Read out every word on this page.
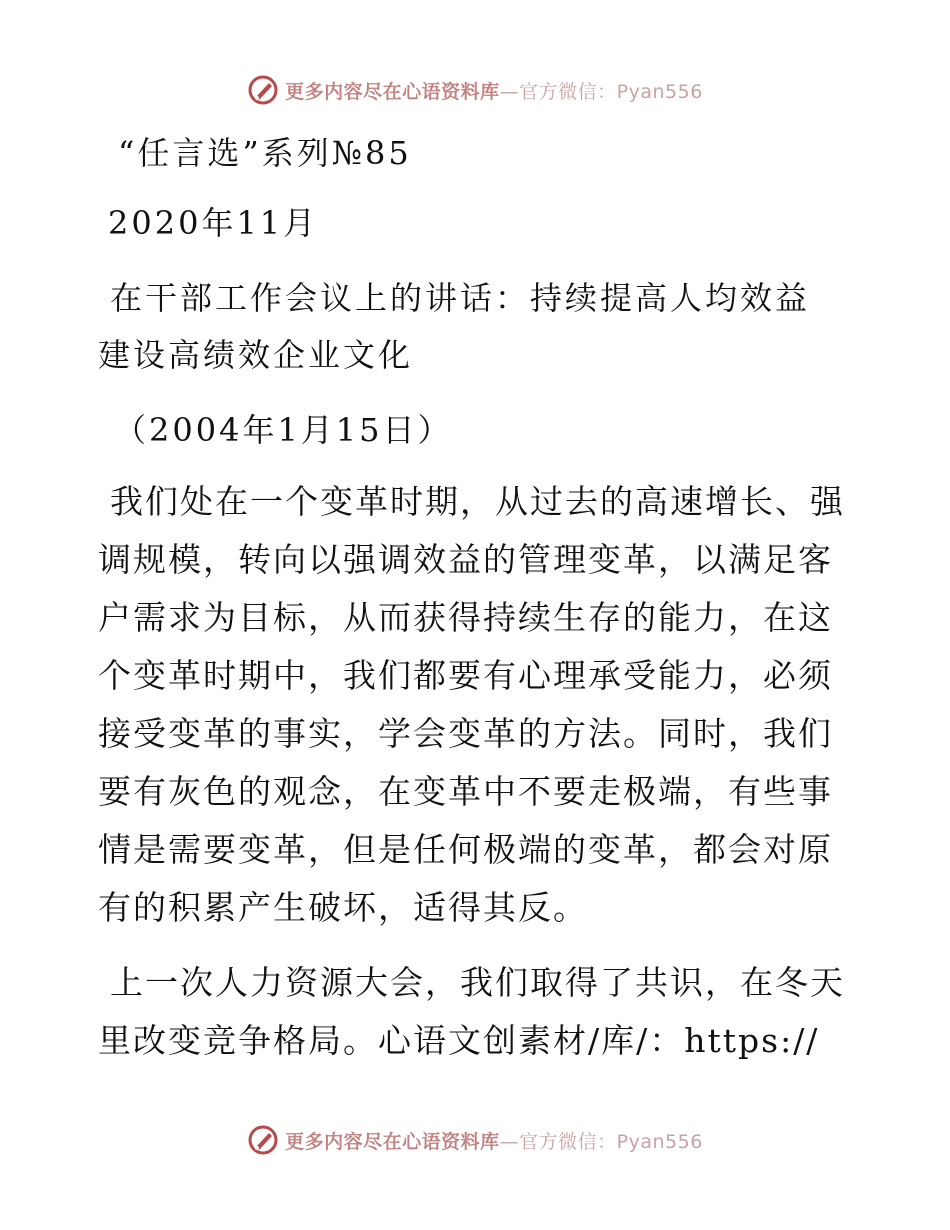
更多内容尽在心语资料库—官方微信：Pyan556
“任言选”系列№85
2020年11月
在干部工作会议上的讲话：持续提高人均效益
建设高绩效企业文化
（2004年1月15日）

我们处在一个变革时期，从过去的高速增长、强调规模，转向以强调效益的管理变革，以满足客户需求为目标，从而获得持续生存的能力，在这个变革时期中，我们都要有心理承受能力，必须接受变革的事实，学会变革的方法。同时，我们要有灰色的观念，在变革中不要走极端，有些事情是需要变革，但是任何极端的变革，都会对原有的积累产生破坏，适得其反。

上一次人力资源大会，我们取得了共识，在冬天里改变竞争格局。心语文创素材/库/：https://

更多内容尽在心语资料库—官方微信：Pyan556
